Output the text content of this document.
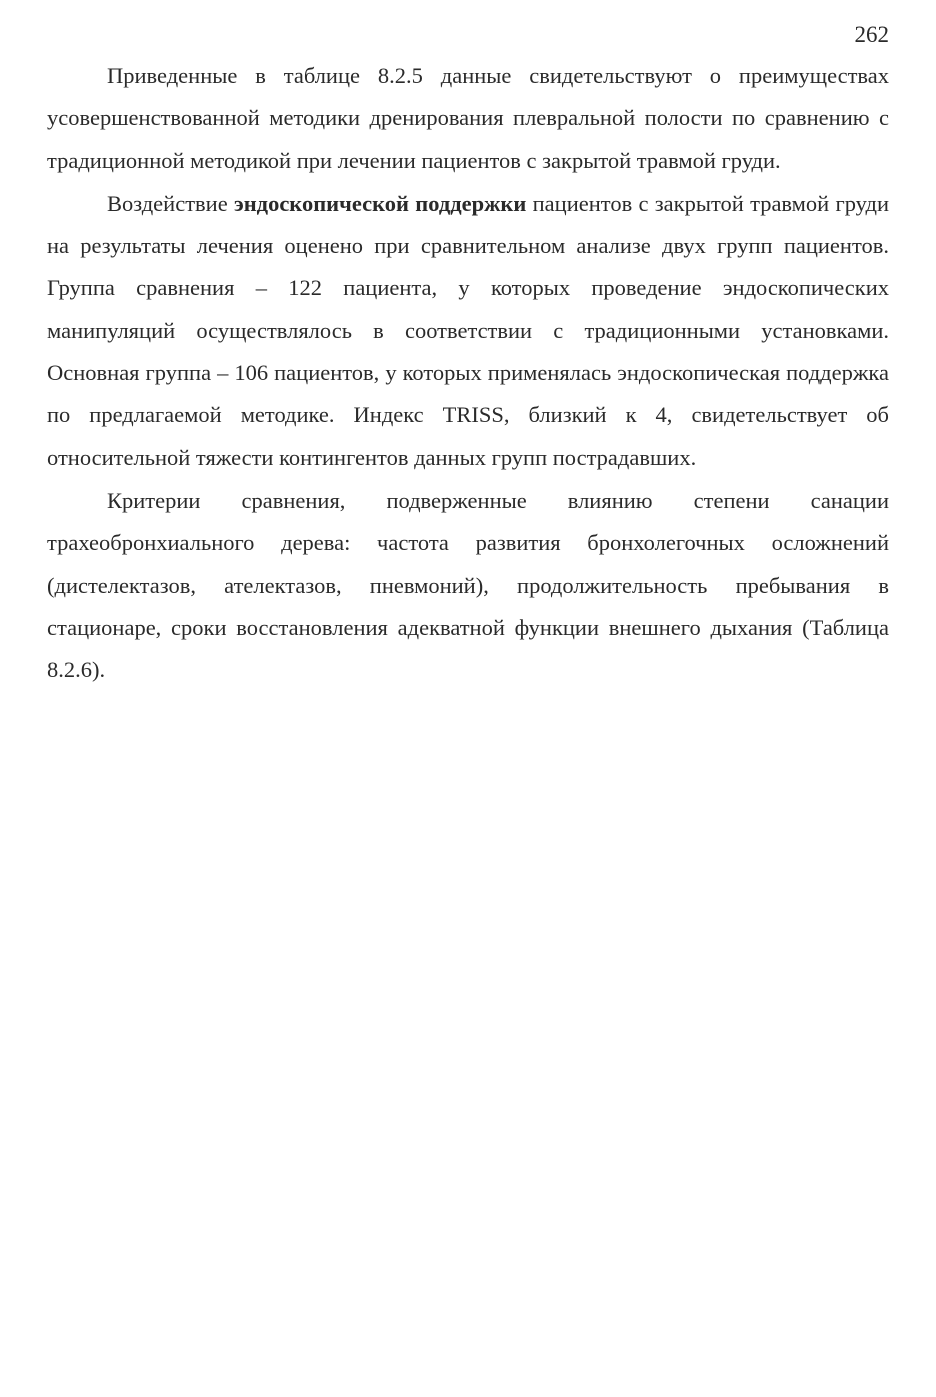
262

Приведенные в таблице 8.2.5 данные свидетельствуют о преимуществах усовершенствованной методики дренирования плевральной полости по сравнению с традиционной методикой при лечении пациентов с закрытой травмой груди.

Воздействие эндоскопической поддержки пациентов с закрытой травмой груди на результаты лечения оценено при сравнительном анализе двух групп пациентов. Группа сравнения – 122 пациента, у которых проведение эндоскопических манипуляций осуществлялось в соответствии с традиционными установками. Основная группа – 106 пациентов, у которых применялась эндоскопическая поддержка по предлагаемой методике. Индекс TRISS, близкий к 4, свидетельствует об относительной тяжести контингентов данных групп пострадавших.

Критерии сравнения, подверженные влиянию степени санации трахеобронхиального дерева: частота развития бронхолегочных осложнений (дистелектазов, ателектазов, пневмоний), продолжительность пребывания в стационаре, сроки восстановления адекватной функции внешнего дыхания (Таблица 8.2.6).
